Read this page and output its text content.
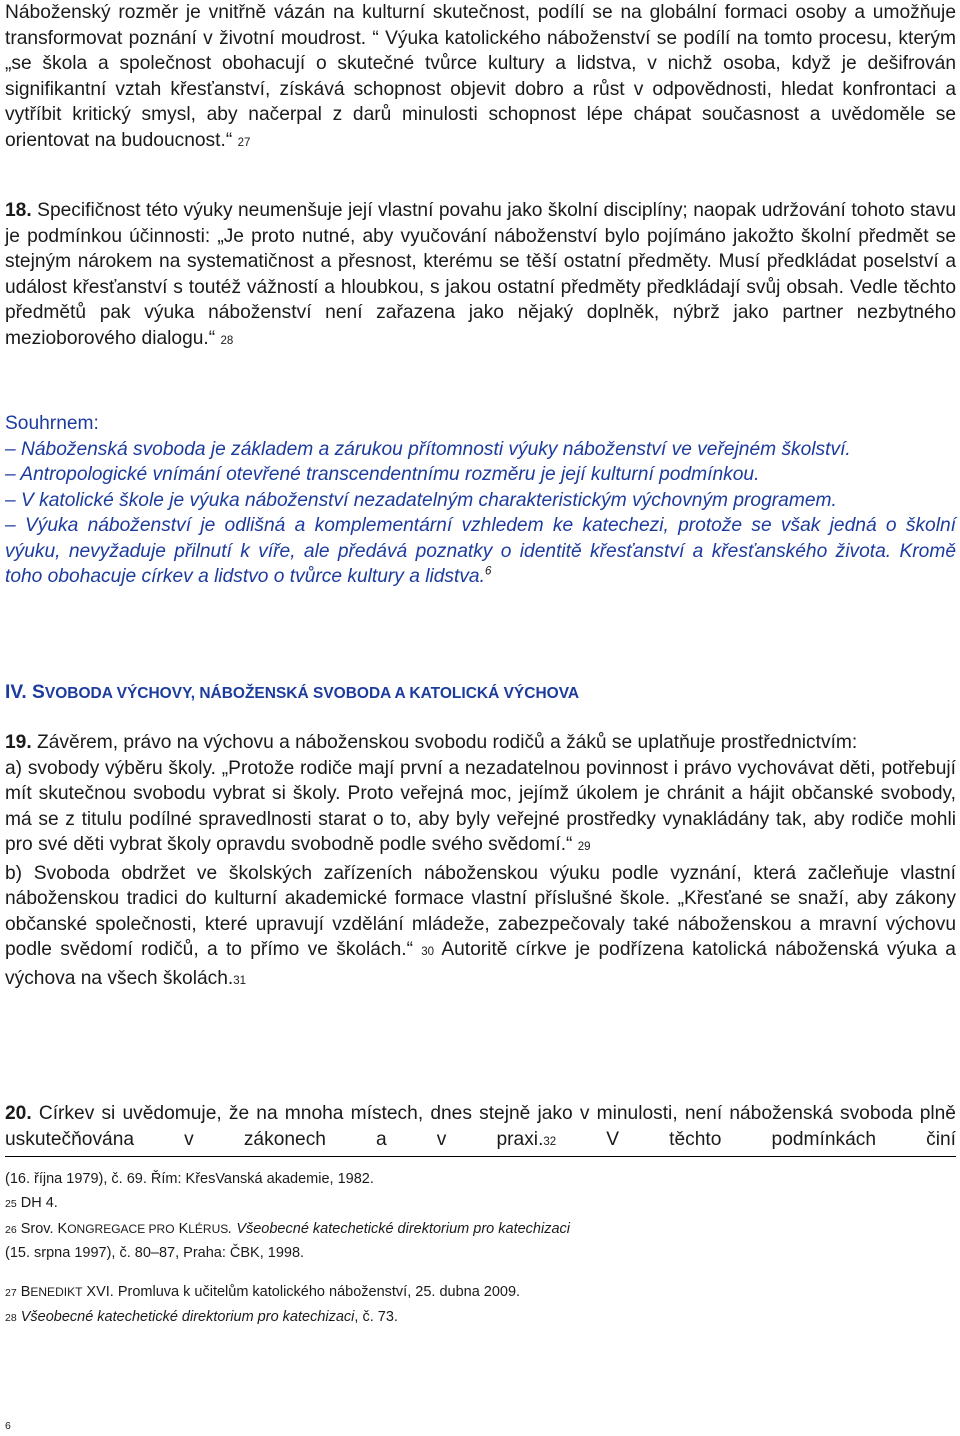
Náboženský rozměr je vnitřně vázán na kulturní skutečnost, podílí se na globální formaci osoby a umožňuje transformovat poznání v životní moudrost. “ Výuka katolického náboženství se podílí na tomto procesu, kterým „se škola a společnost obohacují o skutečné tvůrce kultury a lidstva, v nichž osoba, když je dešifrován signifikantní vztah křesťanství, získává schopnost objevit dobro a růst v odpovědnosti, hledat konfrontaci a vytříbit kritický smysl, aby načerpal z darů minulosti schopnost lépe chápat současnost a uvědoměle se orientovat na budoucnost.“ 27

18. Specifičnost této výuky neumenšuje její vlastní povahu jako školní disciplíny; naopak udržování tohoto stavu je podmínkou účinnosti: „Je proto nutné, aby vyučování náboženství bylo pojímáno jakožto školní předmět se stejným nárokem na systematičnost a přesnost, kterému se těší ostatní předměty. Musí předkládat poselství a událost křesťanství s toutéž vážností a hloubkou, s jakou ostatní předměty předkládají svůj obsah. Vedle těchto předmětů pak výuka náboženství není zařazena jako nějaký doplněk, nýbrž jako partner nezbytného mezioborového dialogu.“ 28

Souhrnem:

– Náboženská svoboda je základem a zárukou přítomnosti výuky náboženství ve veřejném školství.

– Antropologické vnímání otevřené transcendentnímu rozměru je její kulturní podmínkou.

– V katolické škole je výuka náboženství nezadatelným charakteristickým výchovným programem.

– Výuka náboženství je odlišná a komplementární vzhledem ke katechezi, protože se však jedná o školní výuku, nevyžaduje přilnutí k víře, ale předává poznatky o identitě křesťanství a křesťanského života. Kromě toho obohacuje církev a lidstvo o tvůrce kultury a lidstva.$^6$

IV. SVOBODA VÝCHOVY, NÁBOŽENSKÁ SVOBODA A KATOLICKÁ VÝCHOVA

19. Závěrem, právo na výchovu a náboženskou svobodu rodičů a žáků se uplatňuje prostřednictvím:

a) svobody výběru školy. „Protože rodiče mají první a nezadatelnou povinnost i právo vychovávat děti, potřebují mít skutečnou svobodu vybrat si školy. Proto veřejná moc, jejímž úkolem je chránit a hájit občanské svobody, má se z titulu podílné spravedlnosti starat o to, aby byly veřejné prostředky vynakládány tak, aby rodiče mohli pro své děti vybrat školy opravdu svobodně podle svého svědomí.“ 29

b) Svoboda obdržet ve školských zařízeních náboženskou výuku podle vyznání, která začleňuje vlastní náboženskou tradici do kulturní akademické formace vlastní příslušné škole. „Křesťané se snaží, aby zákony občanské společnosti, které upravují vzdělání mládeže, zabezpečovaly také náboženskou a mravní výchovu podle svědomí rodičů, a to přímo ve školách.“ 30 Autoritě církve je podřízena katolická náboženská výuka a výchova na všech školách.31

20. Církev si uvědomuje, že na mnoha místech, dnes stejně jako v minulosti, není náboženská svoboda plně uskutečňována v zákonech a v praxi.32 V těchto podmínkách činí

(16. října 1979), č. 69. Řím: KřesVanská akademie, 1982.

25 DH 4.

26 Srov. KONGREGACE PRO KLÉRUS. Všeobecné katechetické direktorium pro katechizaci

(15. srpna 1997), č. 80–87, Praha: ČBK, 1998.

27 BENEDIKT XVI. Promluva k učitelům katolického náboženství, 25. dubna 2009.

28 Všeobecné katechetické direktorium pro katechizaci, č. 73.

6
